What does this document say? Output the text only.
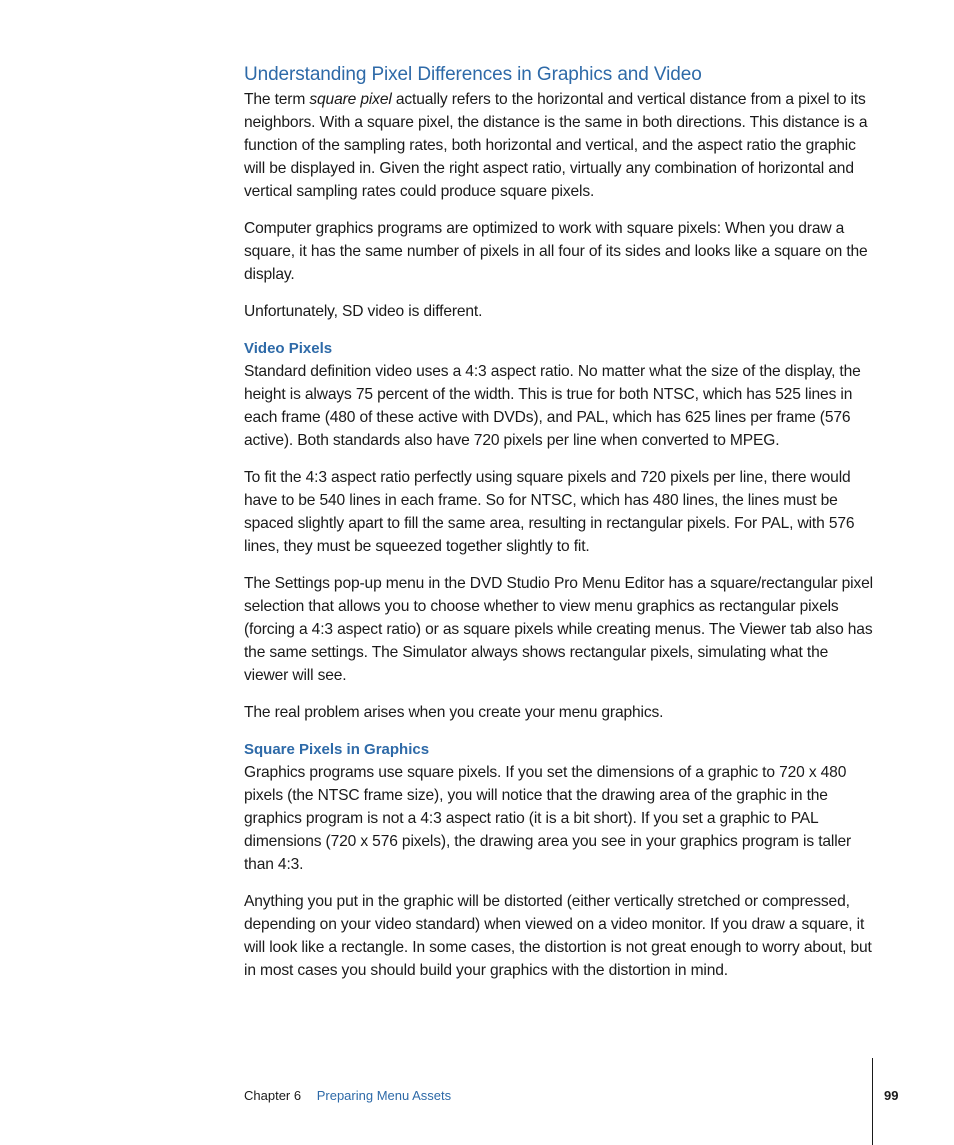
Understanding Pixel Differences in Graphics and Video

The term square pixel actually refers to the horizontal and vertical distance from a pixel to its neighbors. With a square pixel, the distance is the same in both directions. This distance is a function of the sampling rates, both horizontal and vertical, and the aspect ratio the graphic will be displayed in. Given the right aspect ratio, virtually any combination of horizontal and vertical sampling rates could produce square pixels.

Computer graphics programs are optimized to work with square pixels: When you draw a square, it has the same number of pixels in all four of its sides and looks like a square on the display.

Unfortunately, SD video is different.

Video Pixels

Standard definition video uses a 4:3 aspect ratio. No matter what the size of the display, the height is always 75 percent of the width. This is true for both NTSC, which has 525 lines in each frame (480 of these active with DVDs), and PAL, which has 625 lines per frame (576 active). Both standards also have 720 pixels per line when converted to MPEG.

To fit the 4:3 aspect ratio perfectly using square pixels and 720 pixels per line, there would have to be 540 lines in each frame. So for NTSC, which has 480 lines, the lines must be spaced slightly apart to fill the same area, resulting in rectangular pixels. For PAL, with 576 lines, they must be squeezed together slightly to fit.

The Settings pop-up menu in the DVD Studio Pro Menu Editor has a square/rectangular pixel selection that allows you to choose whether to view menu graphics as rectangular pixels (forcing a 4:3 aspect ratio) or as square pixels while creating menus. The Viewer tab also has the same settings. The Simulator always shows rectangular pixels, simulating what the viewer will see.

The real problem arises when you create your menu graphics.

Square Pixels in Graphics

Graphics programs use square pixels. If you set the dimensions of a graphic to 720 x 480 pixels (the NTSC frame size), you will notice that the drawing area of the graphic in the graphics program is not a 4:3 aspect ratio (it is a bit short). If you set a graphic to PAL dimensions (720 x 576 pixels), the drawing area you see in your graphics program is taller than 4:3.

Anything you put in the graphic will be distorted (either vertically stretched or compressed, depending on your video standard) when viewed on a video monitor. If you draw a square, it will look like a rectangle. In some cases, the distortion is not great enough to worry about, but in most cases you should build your graphics with the distortion in mind.

Chapter 6 Preparing Menu Assets	99
